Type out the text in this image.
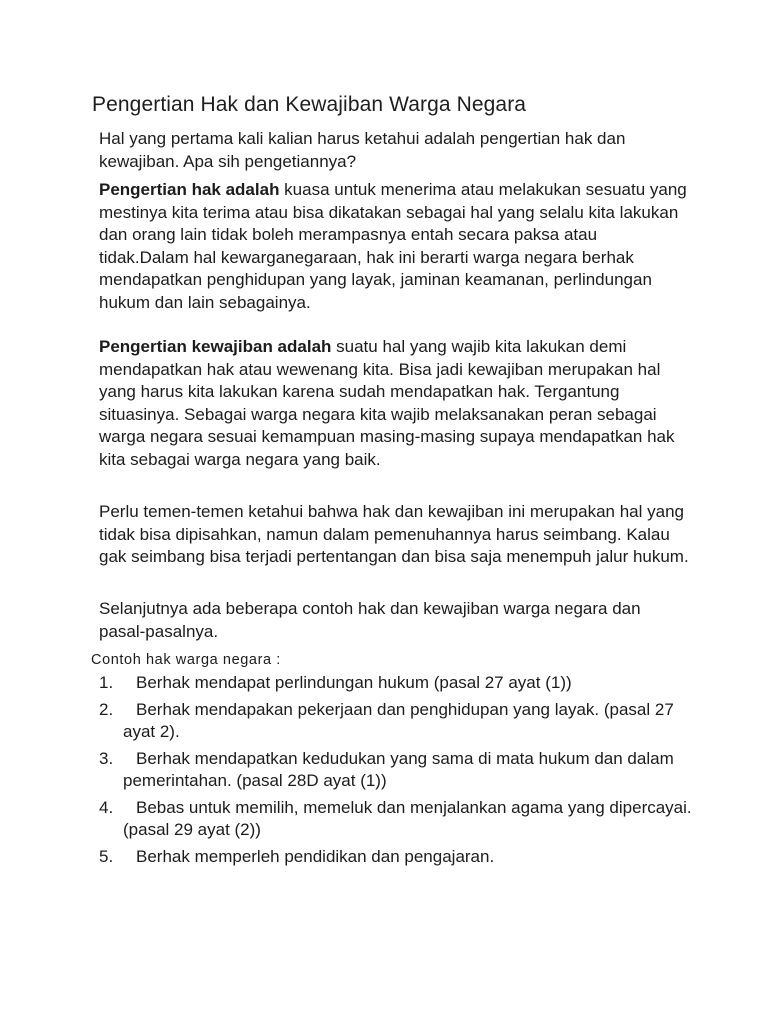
Pengertian Hak dan Kewajiban Warga Negara

Hal yang pertama kali kalian harus ketahui adalah pengertian hak dan kewajiban. Apa sih pengetiannya?

Pengertian hak adalah kuasa untuk menerima atau melakukan sesuatu yang mestinya kita terima atau bisa dikatakan sebagai hal yang selalu kita lakukan dan orang lain tidak boleh merampasnya entah secara paksa atau tidak.Dalam hal kewarganegaraan, hak ini berarti warga negara berhak mendapatkan penghidupan yang layak, jaminan keamanan, perlindungan hukum dan lain sebagainya.

Pengertian kewajiban adalah suatu hal yang wajib kita lakukan demi mendapatkan hak atau wewenang kita. Bisa jadi kewajiban merupakan hal yang harus kita lakukan karena sudah mendapatkan hak. Tergantung situasinya. Sebagai warga negara kita wajib melaksanakan peran sebagai warga negara sesuai kemampuan masing-masing supaya mendapatkan hak kita sebagai warga negara yang baik.

Perlu temen-temen ketahui bahwa hak dan kewajiban ini merupakan hal yang tidak bisa dipisahkan, namun dalam pemenuhannya harus seimbang. Kalau gak seimbang bisa terjadi pertentangan dan bisa saja menempuh jalur hukum.

Selanjutnya ada beberapa contoh hak dan kewajiban warga negara dan pasal-pasalnya.

Contoh hak warga negara :

1.	Berhak mendapat perlindungan hukum (pasal 27 ayat (1))
2.	Berhak mendapakan pekerjaan dan penghidupan yang layak. (pasal 27 ayat 2).
3.	Berhak mendapatkan kedudukan yang sama di mata hukum dan dalam pemerintahan. (pasal 28D ayat (1))
4.	Bebas untuk memilih, memeluk dan menjalankan agama yang dipercayai. (pasal 29 ayat (2))
5.	Berhak memperleh pendidikan dan pengajaran.
